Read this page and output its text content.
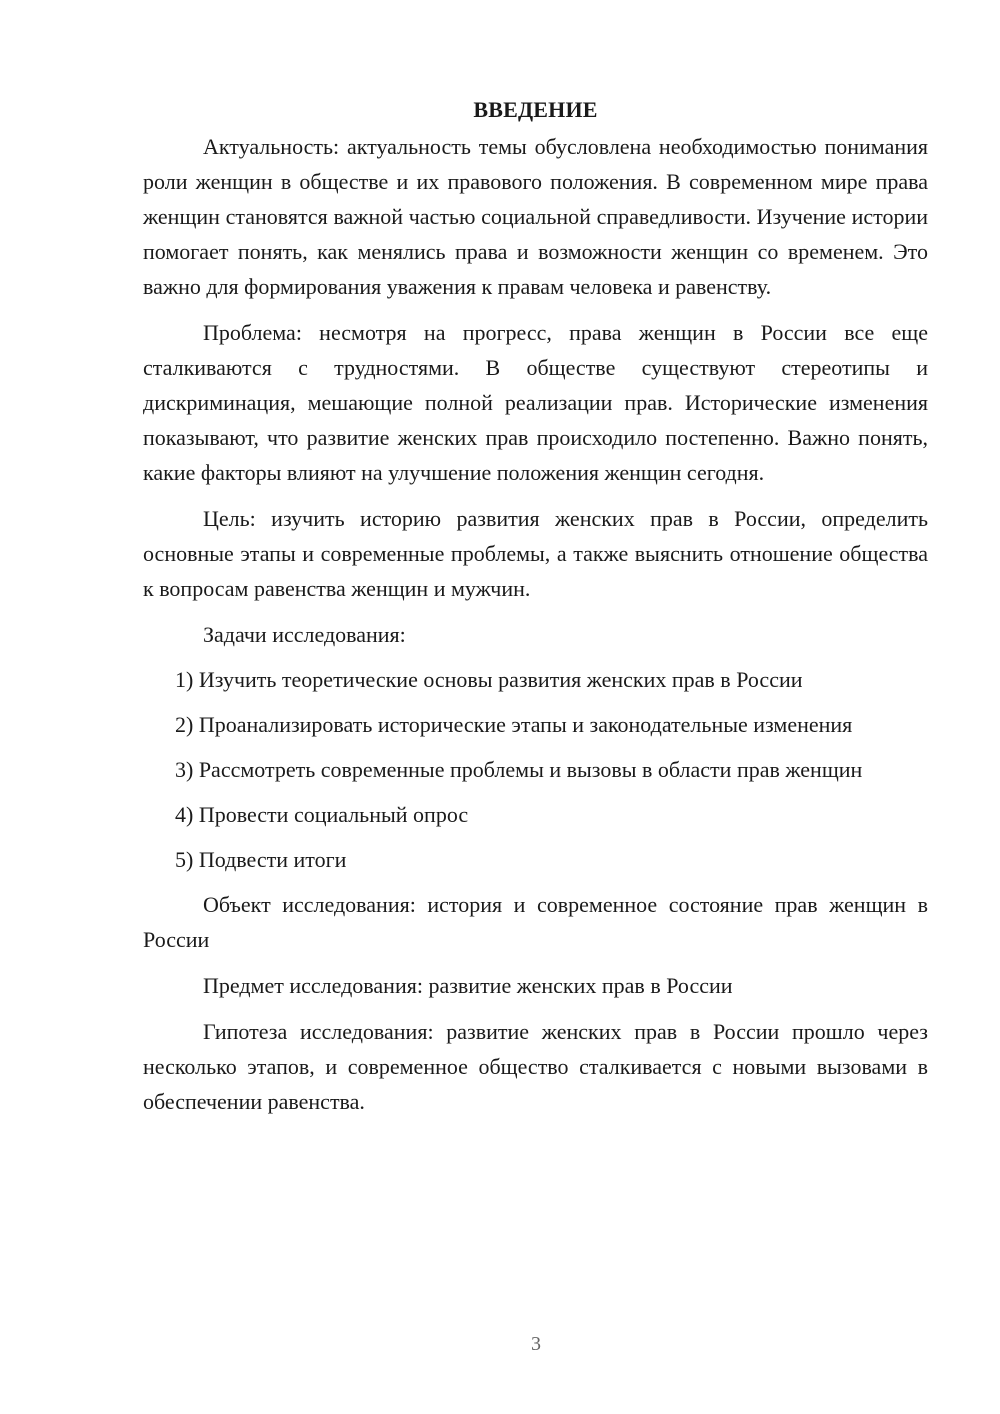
ВВЕДЕНИЕ

Актуальность: актуальность темы обусловлена необходимостью понимания роли женщин в обществе и их правового положения. В современном мире права женщин становятся важной частью социальной справедливости. Изучение истории помогает понять, как менялись права и возможности женщин со временем. Это важно для формирования уважения к правам человека и равенству.

Проблема: несмотря на прогресс, права женщин в России все еще сталкиваются с трудностями. В обществе существуют стереотипы и дискриминация, мешающие полной реализации прав. Исторические изменения показывают, что развитие женских прав происходило постепенно. Важно понять, какие факторы влияют на улучшение положения женщин сегодня.

Цель: изучить историю развития женских прав в России, определить основные этапы и современные проблемы, а также выяснить отношение общества к вопросам равенства женщин и мужчин.

Задачи исследования:

1) Изучить теоретические основы развития женских прав в России

2) Проанализировать исторические этапы и законодательные изменения

3) Рассмотреть современные проблемы и вызовы в области прав женщин

4) Провести социальный опрос

5) Подвести итоги

Объект исследования: история и современное состояние прав женщин в России

Предмет исследования: развитие женских прав в России

Гипотеза исследования: развитие женских прав в России прошло через несколько этапов, и современное общество сталкивается с новыми вызовами в обеспечении равенства.

3
